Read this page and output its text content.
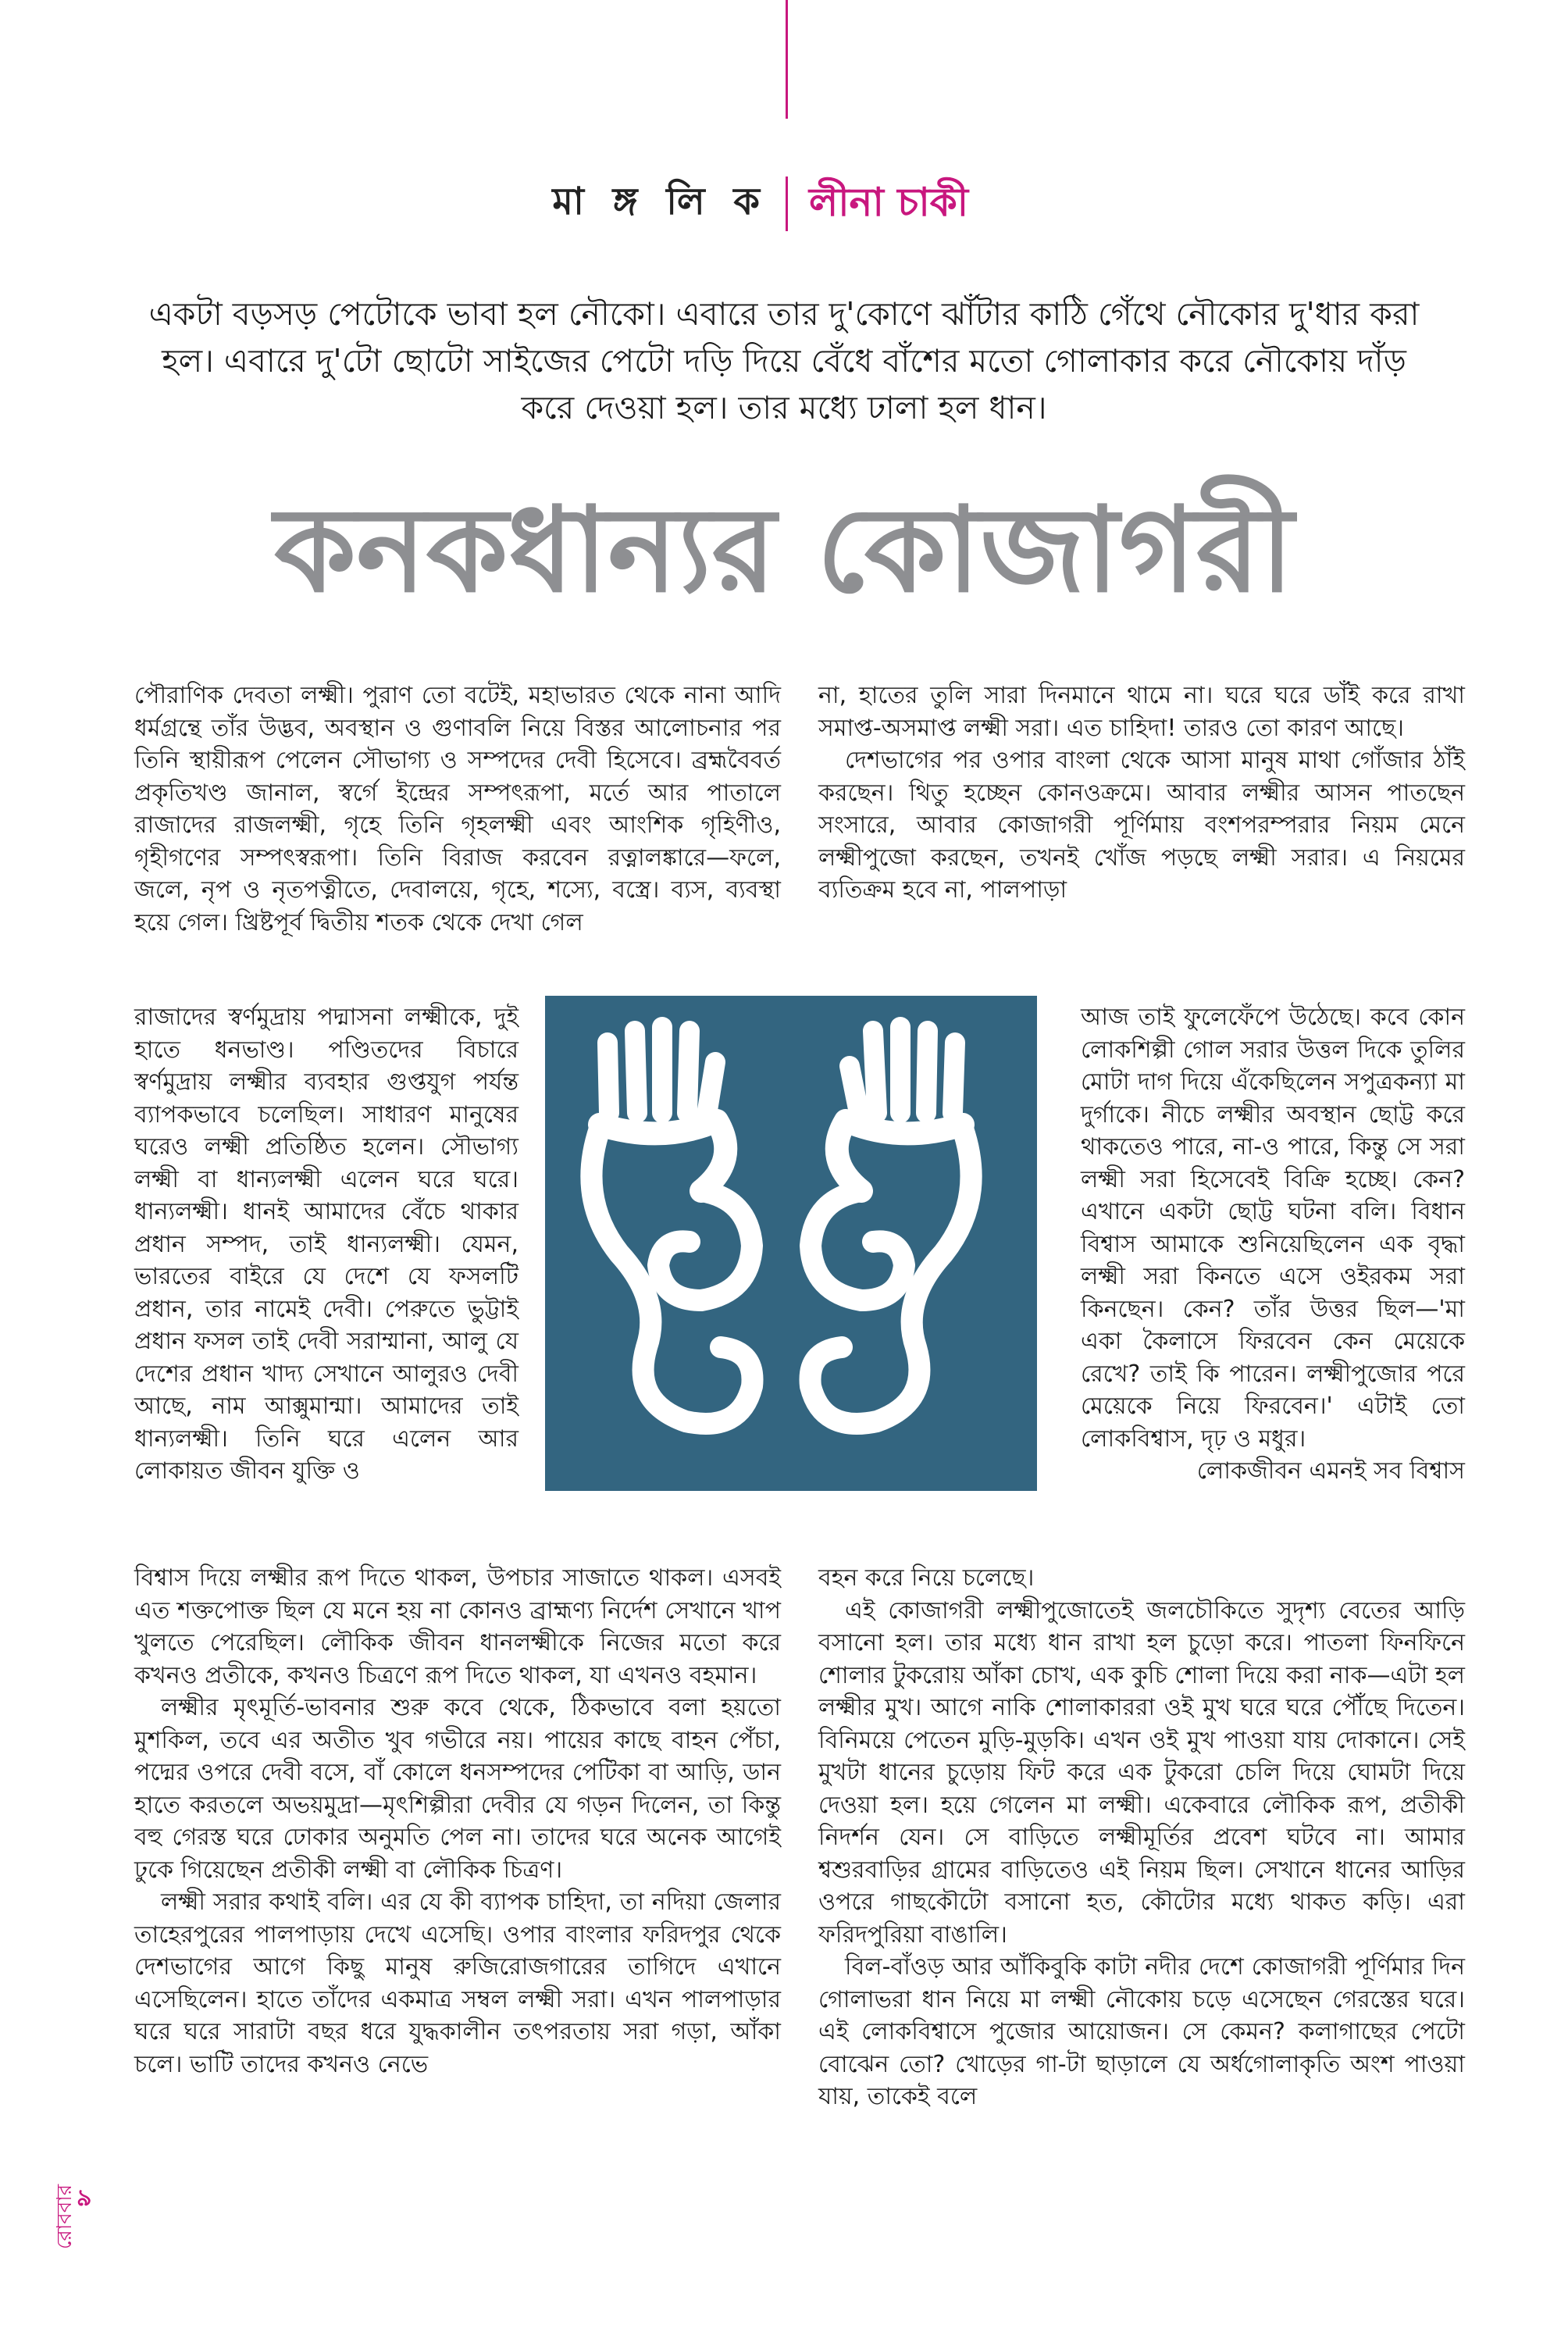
মা ঙ্গ লি ক লীনা চাকী
একটা বড়সড় পেটোকে ভাবা হল নৌকো। এবারে তার দু'কোণে ঝাঁটার কাঠি গেঁথে নৌকোর দু'ধার করা হল। এবারে দু'টো ছোটো সাইজের পেটো দড়ি দিয়ে বেঁধে বাঁশের মতো গোলাকার করে নৌকোয় দাঁড় করে দেওয়া হল। তার মধ্যে ঢালা হল ধান।
কনকধান্যর কোজাগরী

পৌরাণিক দেবতা লক্ষ্মী। পুরাণ তো বটেই, মহাভারত থেকে নানা আদি ধর্মগ্রন্থে তাঁর উদ্ভব, অবস্থান ও গুণাবলি নিয়ে বিস্তর আলোচনার পর তিনি স্থায়ীরূপ পেলেন সৌভাগ্য ও সম্পদের দেবী হিসেবে। ব্রহ্মবৈবর্ত প্রকৃতিখণ্ড জানাল, স্বর্গে ইন্দ্রের সম্পৎরূপা, মর্তে আর পাতালে রাজাদের রাজলক্ষ্মী, গৃহে তিনি গৃহলক্ষ্মী এবং আংশিক গৃহিণীও, গৃহীগণের সম্পৎস্বরূপা। তিনি বিরাজ করবেন রত্নালঙ্কারে—ফলে, জলে, নৃপ ও নৃতপত্নীতে, দেবালয়ে, গৃহে, শস্যে, বস্ত্রে। ব্যস, ব্যবস্থা হয়ে গেল। খ্রিষ্টপূর্ব দ্বিতীয় শতক থেকে দেখা গেল

রাজাদের স্বর্ণমুদ্রায় পদ্মাসনা লক্ষ্মীকে, দুই হাতে ধনভাণ্ড। পণ্ডিতদের বিচারে স্বর্ণমুদ্রায় লক্ষ্মীর ব্যবহার গুপ্তযুগ পর্যন্ত ব্যাপকভাবে চলেছিল। সাধারণ মানুষের ঘরেও লক্ষ্মী প্রতিষ্ঠিত হলেন। সৌভাগ্য লক্ষ্মী বা ধান্যলক্ষ্মী এলেন ঘরে ঘরে। ধান্যলক্ষ্মী। ধানই আমাদের বেঁচে থাকার প্রধান সম্পদ, তাই ধান্যলক্ষ্মী। যেমন, ভারতের বাইরে যে দেশে যে ফসলটি প্রধান, তার নামেই দেবী। পেরুতে ভুট্টাই প্রধান ফসল তাই দেবী সরাম্মানা, আলু যে দেশের প্রধান খাদ্য সেখানে আলুরও দেবী আছে, নাম আক্সুমান্মা। আমাদের তাই ধান্যলক্ষ্মী। তিনি ঘরে এলেন আর লোকায়ত জীবন যুক্তি ও

বিশ্বাস দিয়ে লক্ষ্মীর রূপ দিতে থাকল, উপচার সাজাতে থাকল। এসবই এত শক্তপোক্ত ছিল যে মনে হয় না কোনও ব্রাহ্মণ্য নির্দেশ সেখানে খাপ খুলতে পেরেছিল। লৌকিক জীবন ধানলক্ষ্মীকে নিজের মতো করে কখনও প্রতীকে, কখনও চিত্রণে রূপ দিতে থাকল, যা এখনও বহমান।

লক্ষ্মীর মৃৎমূর্তি-ভাবনার শুরু কবে থেকে, ঠিকভাবে বলা হয়তো মুশকিল, তবে এর অতীত খুব গভীরে নয়। পায়ের কাছে বাহন পেঁচা, পদ্মের ওপরে দেবী বসে, বাঁ কোলে ধনসম্পদের পেটিকা বা আড়ি, ডান হাতে করতলে অভয়মুদ্রা—মৃৎশিল্পীরা দেবীর যে গড়ন দিলেন, তা কিন্তু বহু গেরস্ত ঘরে ঢোকার অনুমতি পেল না। তাদের ঘরে অনেক আগেই ঢুকে গিয়েছেন প্রতীকী লক্ষ্মী বা লৌকিক চিত্রণ।

লক্ষ্মী সরার কথাই বলি। এর যে কী ব্যাপক চাহিদা, তা নদিয়া জেলার তাহেরপুরের পালপাড়ায় দেখে এসেছি। ওপার বাংলার ফরিদপুর থেকে দেশভাগের আগে কিছু মানুষ রুজিরোজগারের তাগিদে এখানে এসেছিলেন। হাতে তাঁদের একমাত্র সম্বল লক্ষ্মী সরা। এখন পালপাড়ার ঘরে ঘরে সারাটা বছর ধরে যুদ্ধকালীন তৎপরতায় সরা গড়া, আঁকা চলে। ভাটি তাদের কখনও নেভে

না, হাতের তুলি সারা দিনমানে থামে না। ঘরে ঘরে ডাঁই করে রাখা সমাপ্ত-অসমাপ্ত লক্ষ্মী সরা। এত চাহিদা! তারও তো কারণ আছে।

দেশভাগের পর ওপার বাংলা থেকে আসা মানুষ মাথা গোঁজার ঠাঁই করছেন। থিতু হচ্ছেন কোনওক্রমে। আবার লক্ষ্মীর আসন পাতছেন সংসারে, আবার কোজাগরী পূর্ণিমায় বংশপরম্পরার নিয়ম মেনে লক্ষ্মীপুজো করছেন, তখনই খোঁজ পড়ছে লক্ষ্মী সরার। এ নিয়মের ব্যতিক্রম হবে না, পালপাড়া

আজ তাই ফুলেফেঁপে উঠেছে। কবে কোন লোকশিল্পী গোল সরার উত্তল দিকে তুলির মোটা দাগ দিয়ে এঁকেছিলেন সপুত্রকন্যা মা দুর্গাকে। নীচে লক্ষ্মীর অবস্থান ছোট্ট করে থাকতেও পারে, না-ও পারে, কিন্তু সে সরা লক্ষ্মী সরা হিসেবেই বিক্রি হচ্ছে। কেন? এখানে একটা ছোট্ট ঘটনা বলি। বিধান বিশ্বাস আমাকে শুনিয়েছিলেন এক বৃদ্ধা লক্ষ্মী সরা কিনতে এসে ওইরকম সরা কিনছেন। কেন? তাঁর উত্তর ছিল—'মা একা কৈলাসে ফিরবেন কেন মেয়েকে রেখে? তাই কি পারেন। লক্ষ্মীপুজোর পরে মেয়েকে নিয়ে ফিরবেন।' এটাই তো লোকবিশ্বাস, দৃঢ় ও মধুর।

লোকজীবন এমনই সব বিশ্বাস

বহন করে নিয়ে চলেছে।

এই কোজাগরী লক্ষ্মীপুজোতেই জলচৌকিতে সুদৃশ্য বেতের আড়ি বসানো হল। তার মধ্যে ধান রাখা হল চুড়ো করে। পাতলা ফিনফিনে শোলার টুকরোয় আঁকা চোখ, এক কুচি শোলা দিয়ে করা নাক—এটা হল লক্ষ্মীর মুখ। আগে নাকি শোলাকাররা ওই মুখ ঘরে ঘরে পৌঁছে দিতেন। বিনিময়ে পেতেন মুড়ি-মুড়কি। এখন ওই মুখ পাওয়া যায় দোকানে। সেই মুখটা ধানের চুড়োয় ফিট করে এক টুকরো চেলি দিয়ে ঘোমটা দিয়ে দেওয়া হল। হয়ে গেলেন মা লক্ষ্মী। একেবারে লৌকিক রূপ, প্রতীকী নিদর্শন যেন। সে বাড়িতে লক্ষ্মীমূর্তির প্রবেশ ঘটবে না। আমার শ্বশুরবাড়ির গ্রামের বাড়িতেও এই নিয়ম ছিল। সেখানে ধানের আড়ির ওপরে গাছকৌটো বসানো হত, কৌটোর মধ্যে থাকত কড়ি। এরা ফরিদপুরিয়া বাঙালি।

বিল-বাঁওড় আর আঁকিবুকি কাটা নদীর দেশে কোজাগরী পূর্ণিমার দিন গোলাভরা ধান নিয়ে মা লক্ষ্মী নৌকোয় চড়ে এসেছেন গেরস্তের ঘরে। এই লোকবিশ্বাসে পুজোর আয়োজন। সে কেমন? কলাগাছের পেটো বোঝেন তো? খোড়ের গা-টা ছাড়ালে যে অর্ধগোলাকৃতি অংশ পাওয়া যায়, তাকেই বলে

৯
রোববার
